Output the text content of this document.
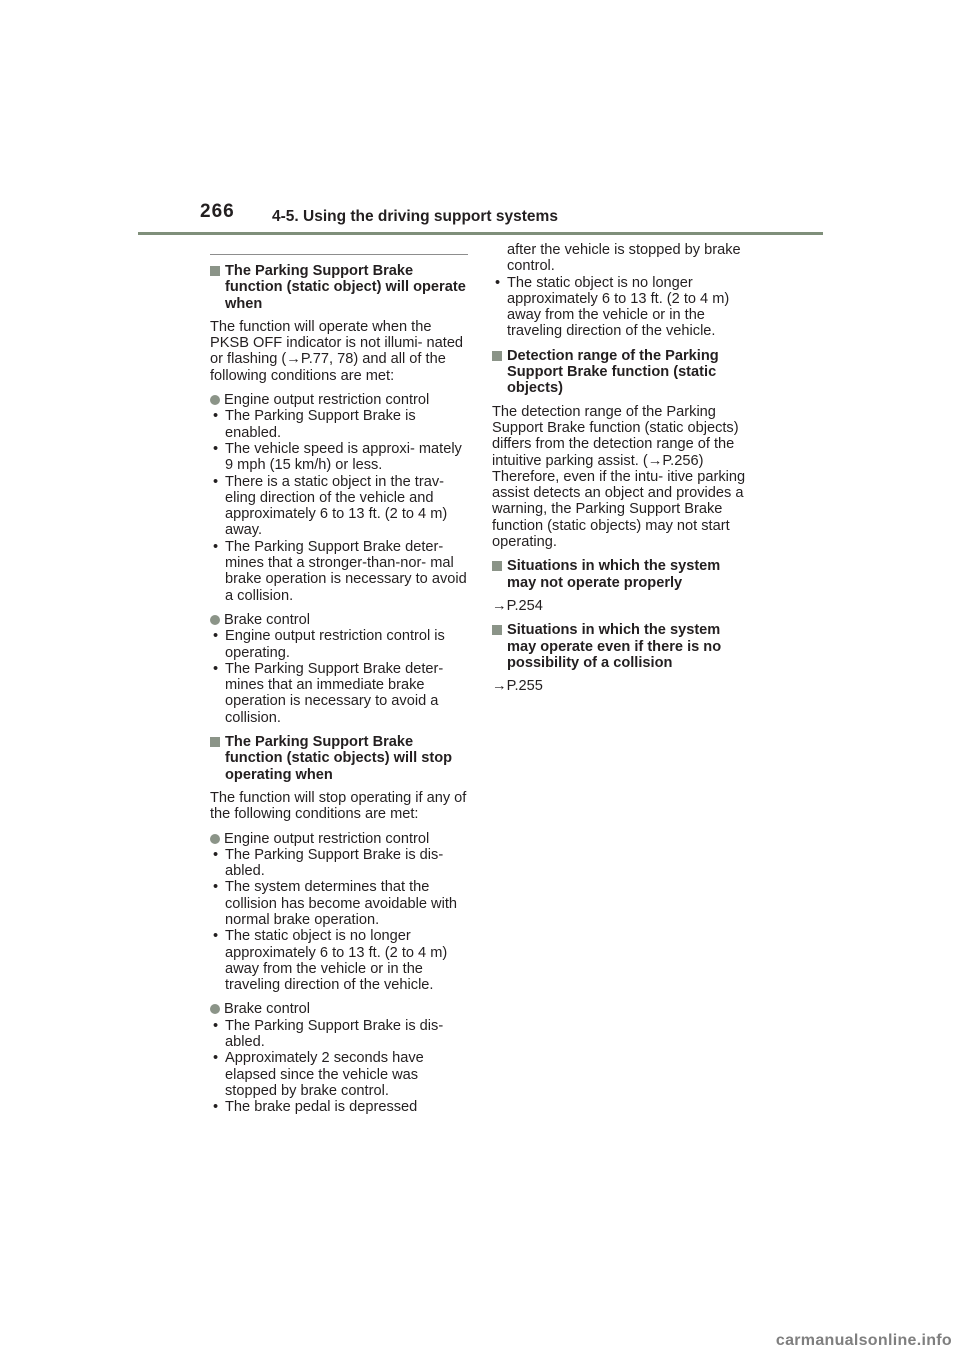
266 4-5. Using the driving support systems
The Parking Support Brake function (static object) will operate when
The function will operate when the PKSB OFF indicator is not illumi- nated or flashing (→P.77, 78) and all of the following conditions are met:
Engine output restriction control
• The Parking Support Brake is enabled.
• The vehicle speed is approxi- mately 9 mph (15 km/h) or less.
• There is a static object in the trav- eling direction of the vehicle and approximately 6 to 13 ft. (2 to 4 m) away.
• The Parking Support Brake deter- mines that a stronger-than-nor- mal brake operation is necessary to avoid a collision.
Brake control
• Engine output restriction control is operating.
• The Parking Support Brake deter- mines that an immediate brake operation is necessary to avoid a collision.
The Parking Support Brake function (static objects) will stop operating when
The function will stop operating if any of the following conditions are met:
Engine output restriction control
• The Parking Support Brake is dis- abled.
• The system determines that the collision has become avoidable with normal brake operation.
• The static object is no longer approximately 6 to 13 ft. (2 to 4 m) away from the vehicle or in the traveling direction of the vehicle.
Brake control
• The Parking Support Brake is dis- abled.
• Approximately 2 seconds have elapsed since the vehicle was stopped by brake control.
• The brake pedal is depressed
after the vehicle is stopped by brake control.
• The static object is no longer approximately 6 to 13 ft. (2 to 4 m) away from the vehicle or in the traveling direction of the vehicle.
Detection range of the Parking Support Brake function (static objects)
The detection range of the Parking Support Brake function (static objects) differs from the detection range of the intuitive parking assist. (→P.256) Therefore, even if the intu- itive parking assist detects an object and provides a warning, the Parking Support Brake function (static objects) may not start operating.
Situations in which the system may not operate properly
→P.254
Situations in which the system may operate even if there is no possibility of a collision
→P.255
carmanualsonline.info
